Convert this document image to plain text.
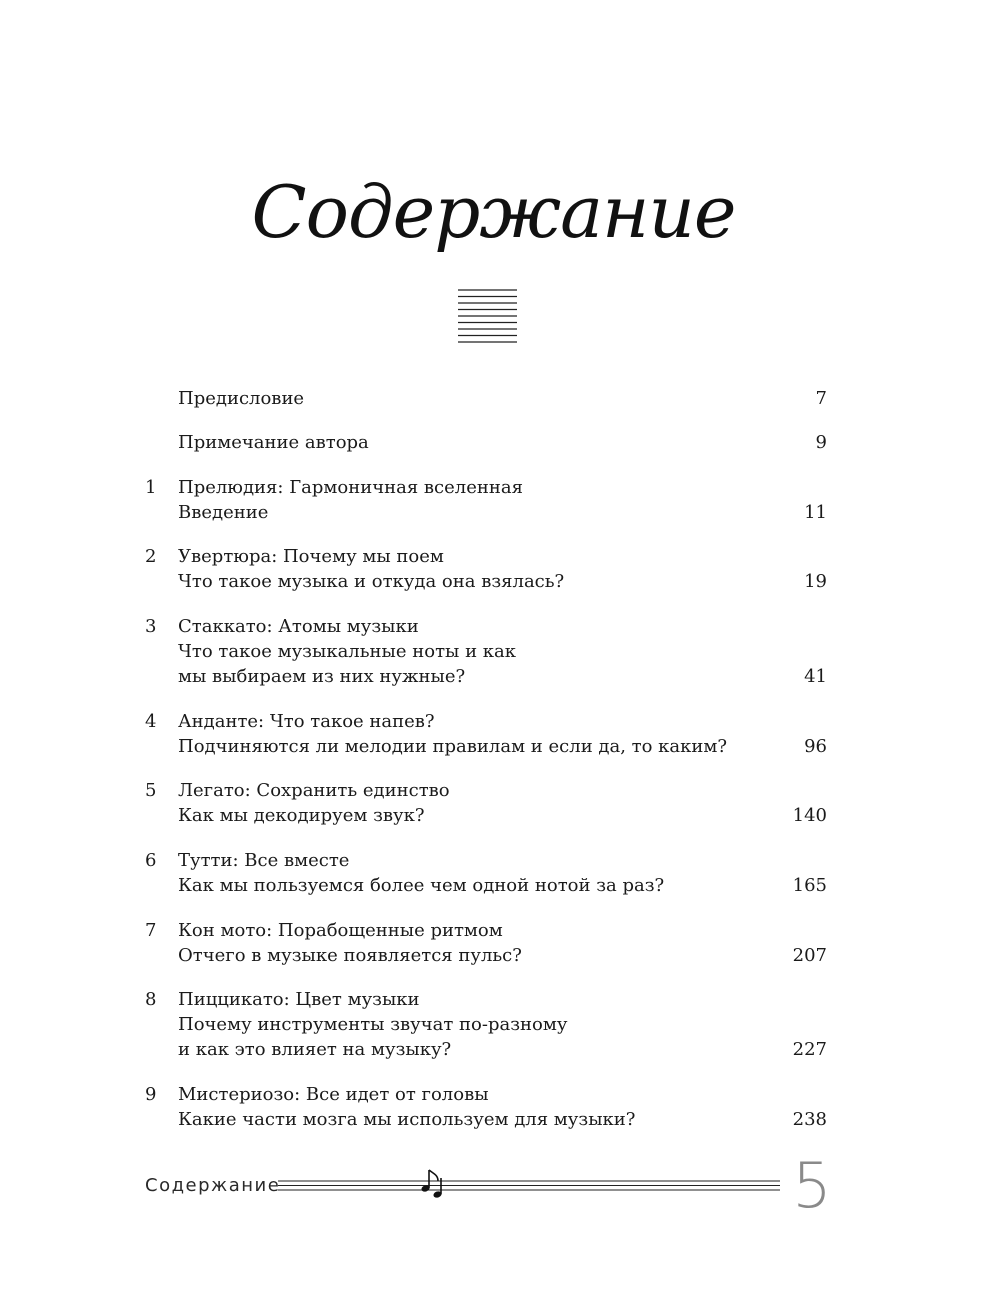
Содержание
Предисловие	7
Примечание автора	9
1 Прелюдия: Гармоничная вселенная
Введение	11
2 Увертюра: Почему мы поем
Что такое музыка и откуда она взялась?	19
3 Стаккато: Атомы музыки
Что такое музыкальные ноты и как
мы выбираем из них нужные?	41
4 Анданте: Что такое напев?
Подчиняются ли мелодии правилам и если да, то каким?	96
5 Легато: Сохранить единство
Как мы декодируем звук?	140
6 Тутти: Все вместе
Как мы пользуемся более чем одной нотой за раз?	165
7 Кон мото: Порабощенные ритмом
Отчего в музыке появляется пульс?	207
8 Пиццикато: Цвет музыки
Почему инструменты звучат по-разному
и как это влияет на музыку?	227
9 Мистериозо: Все идет от головы
Какие части мозга мы используем для музыки?	238
Содержание	5
